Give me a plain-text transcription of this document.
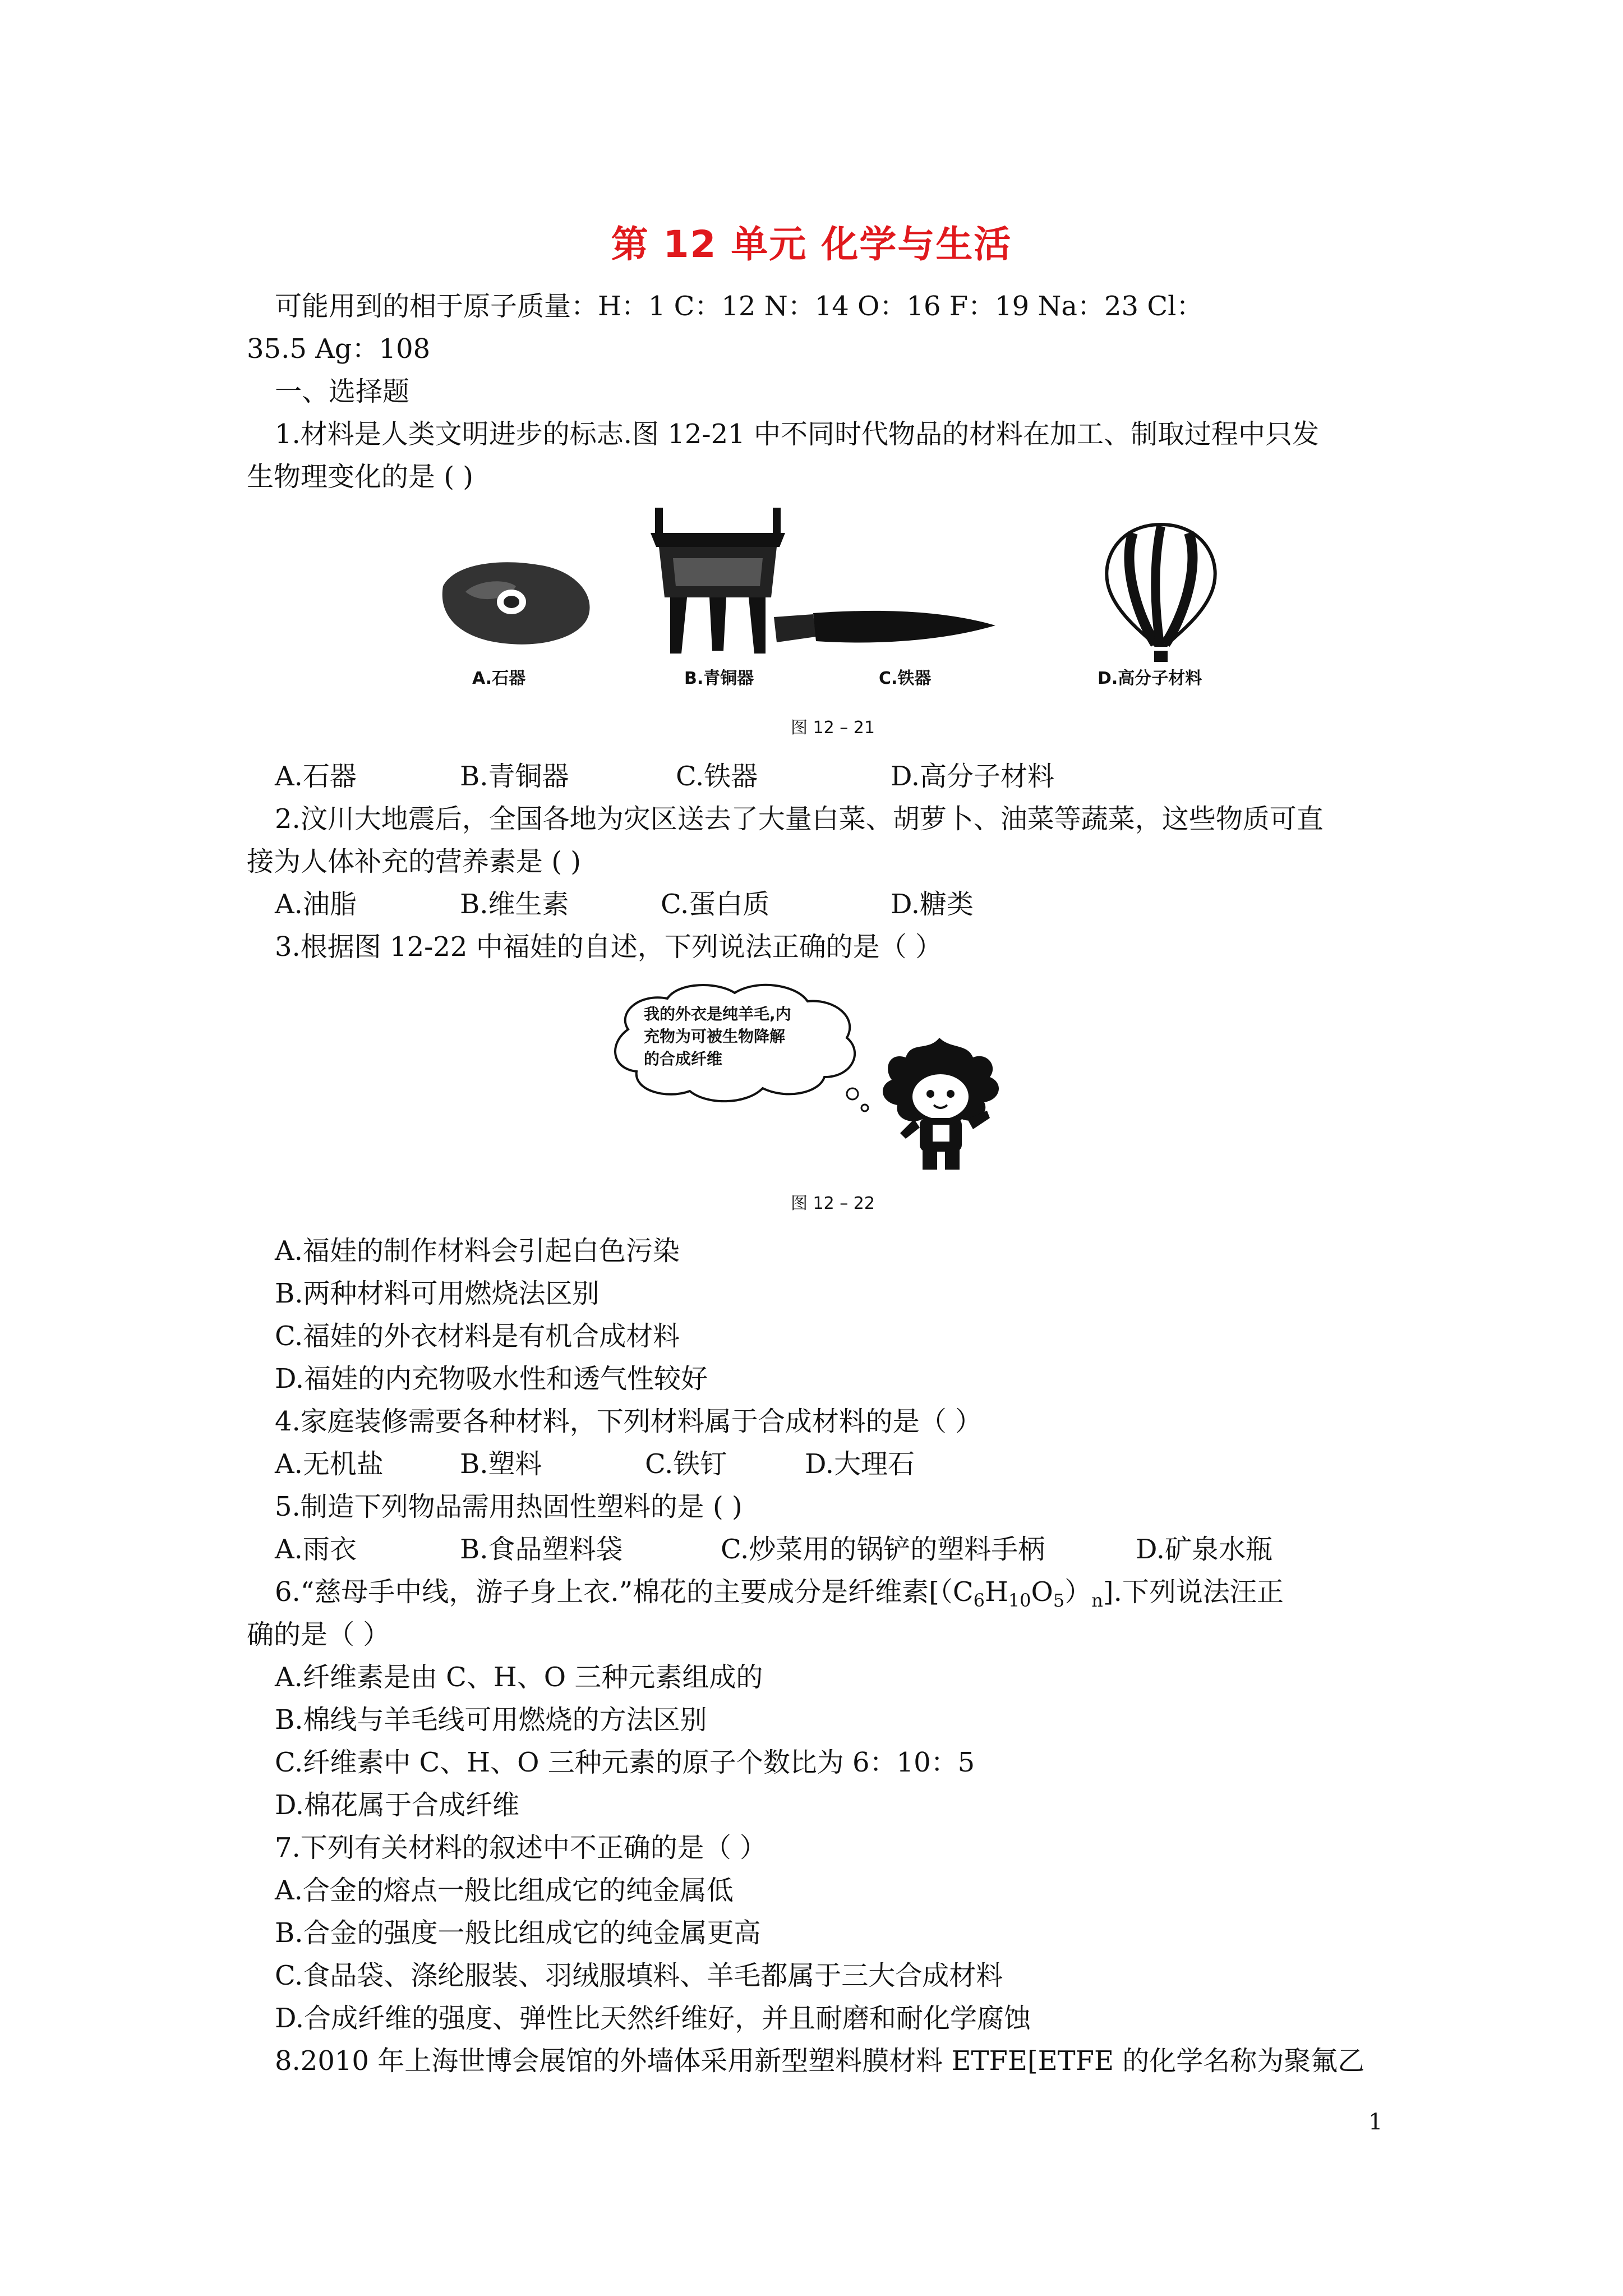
第 12 单元 化学与生活
可能用到的相于原子质量：H：1 C：12 N：14 O：16 F：19 Na：23 Cl：
35.5 Ag：108
一、选择题
1.材料是人类文明进步的标志.图 12-21 中不同时代物品的材料在加工、制取过程中只发
生物理变化的是 ( )
A.石器	B.青铜器	C.铁器	D.高分子材料
图 12 – 21
A.石器	B.青铜器	C.铁器	D.高分子材料
2.汶川大地震后，全国各地为灾区送去了大量白菜、胡萝卜、油菜等蔬菜，这些物质可直
接为人体补充的营养素是 ( )
A.油脂	B.维生素	C.蛋白质	D.糖类
3.根据图 12-22 中福娃的自述，下列说法正确的是（ ）
我的外衣是纯羊毛,内
充物为可被生物降解
的合成纤维
图 12 – 22
A.福娃的制作材料会引起白色污染
B.两种材料可用燃烧法区别
C.福娃的外衣材料是有机合成材料
D.福娃的内充物吸水性和透气性较好
4.家庭装修需要各种材料，下列材料属于合成材料的是（ ）
A.无机盐	B.塑料	C.铁钉	D.大理石
5.制造下列物品需用热固性塑料的是 ( )
A.雨衣	B.食品塑料袋	C.炒菜用的锅铲的塑料手柄	D.矿泉水瓶
6.“慈母手中线，游子身上衣.”棉花的主要成分是纤维素$[(C_6H_{10}O_5)_n]$.下列说法汪正
确的是（ ）
A.纤维素是由 C、H、O 三种元素组成的
B.棉线与羊毛线可用燃烧的方法区别
C.纤维素中 C、H、O 三种元素的原子个数比为 6：10：5
D.棉花属于合成纤维
7.下列有关材料的叙述中不正确的是（ ）
A.合金的熔点一般比组成它的纯金属低
B.合金的强度一般比组成它的纯金属更高
C.食品袋、涤纶服装、羽绒服填料、羊毛都属于三大合成材料
D.合成纤维的强度、弹性比天然纤维好，并且耐磨和耐化学腐蚀
8.2010 年上海世博会展馆的外墙体采用新型塑料膜材料 ETFE[ETFE 的化学名称为聚氟乙
1
